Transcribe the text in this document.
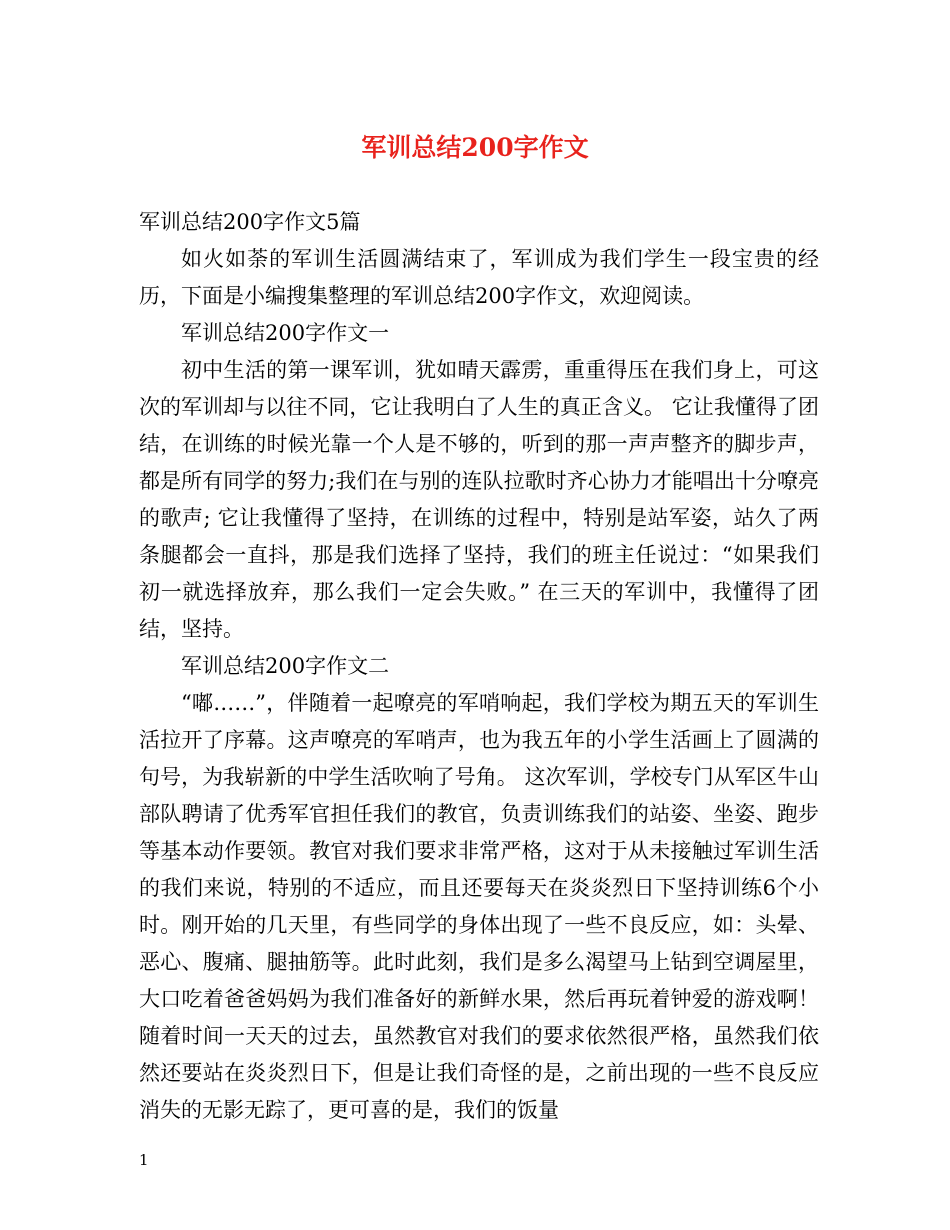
军训总结200字作文

军训总结200字作文5篇

如火如荼的军训生活圆满结束了，军训成为我们学生一段宝贵的经历，下面是小编搜集整理的军训总结200字作文，欢迎阅读。

军训总结200字作文一

初中生活的第一课军训，犹如晴天霹雳，重重得压在我们身上，可这次的军训却与以往不同，它让我明白了人生的真正含义。 它让我懂得了团结，在训练的时候光靠一个人是不够的，听到的那一声声整齐的脚步声，都是所有同学的努力;我们在与别的连队拉歌时齐心协力才能唱出十分嘹亮的歌声; 它让我懂得了坚持，在训练的过程中，特别是站军姿，站久了两条腿都会一直抖，那是我们选择了坚持，我们的班主任说过：“如果我们初一就选择放弃，那么我们一定会失败。” 在三天的军训中，我懂得了团结，坚持。

军训总结200字作文二

“嘟……”，伴随着一起嘹亮的军哨响起，我们学校为期五天的军训生活拉开了序幕。这声嘹亮的军哨声，也为我五年的小学生活画上了圆满的句号，为我崭新的中学生活吹响了号角。 这次军训，学校专门从军区牛山部队聘请了优秀军官担任我们的教官，负责训练我们的站姿、坐姿、跑步等基本动作要领。教官对我们要求非常严格，这对于从未接触过军训生活的我们来说，特别的不适应，而且还要每天在炎炎烈日下坚持训练6个小时。刚开始的几天里，有些同学的身体出现了一些不良反应，如：头晕、恶心、腹痛、腿抽筋等。此时此刻，我们是多么渴望马上钻到空调屋里，大口吃着爸爸妈妈为我们准备好的新鲜水果，然后再玩着钟爱的游戏啊！随着时间一天天的过去，虽然教官对我们的要求依然很严格，虽然我们依然还要站在炎炎烈日下，但是让我们奇怪的是，之前出现的一些不良反应消失的无影无踪了，更可喜的是，我们的饭量

1
